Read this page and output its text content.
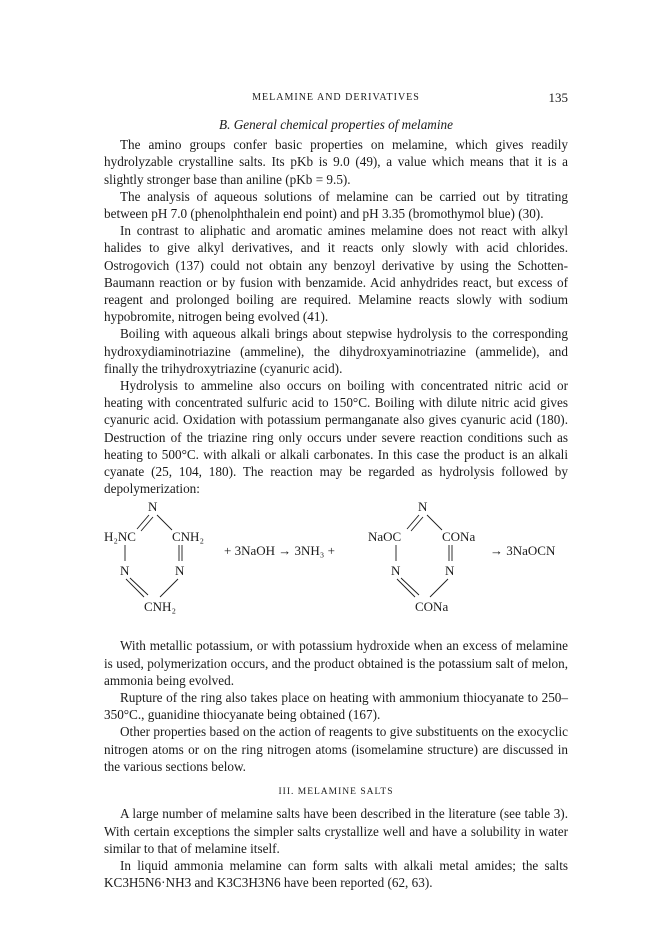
MELAMINE AND DERIVATIVES	135
B. General chemical properties of melamine

The amino groups confer basic properties on melamine, which gives readily hydrolyzable crystalline salts. Its pKb is 9.0 (49), a value which means that it is a slightly stronger base than aniline (pKb = 9.5).

The analysis of aqueous solutions of melamine can be carried out by titrating between pH 7.0 (phenolphthalein end point) and pH 3.35 (bromothymol blue) (30).

In contrast to aliphatic and aromatic amines melamine does not react with alkyl halides to give alkyl derivatives, and it reacts only slowly with acid chlorides. Ostrogovich (137) could not obtain any benzoyl derivative by using the Schotten-Baumann reaction or by fusion with benzamide. Acid anhydrides react, but excess of reagent and prolonged boiling are required. Melamine reacts slowly with sodium hypobromite, nitrogen being evolved (41).

Boiling with aqueous alkali brings about stepwise hydrolysis to the corresponding hydroxydiaminotriazine (ammeline), the dihydroxyaminotriazine (ammelide), and finally the trihydroxytriazine (cyanuric acid).

Hydrolysis to ammeline also occurs on boiling with concentrated nitric acid or heating with concentrated sulfuric acid to 150°C. Boiling with dilute nitric acid gives cyanuric acid. Oxidation with potassium permanganate also gives cyanuric acid (180). Destruction of the triazine ring only occurs under severe reaction conditions such as heating to 500°C. with alkali or alkali carbonates. In this case the product is an alkali cyanate (25, 104, 180). The reaction may be regarded as hydrolysis followed by depolymerization:

N
H₂NC	CNH₂
N	N
CNH₂
+ 3NaOH → 3NH₃ +
N
NaOC	CONa
N	N
CONa
→ 3NaOCN

With metallic potassium, or with potassium hydroxide when an excess of melamine is used, polymerization occurs, and the product obtained is the potassium salt of melon, ammonia being evolved.

Rupture of the ring also takes place on heating with ammonium thiocyanate to 250–350°C., guanidine thiocyanate being obtained (167).

Other properties based on the action of reagents to give substituents on the exocyclic nitrogen atoms or on the ring nitrogen atoms (isomelamine structure) are discussed in the various sections below.

III. MELAMINE SALTS

A large number of melamine salts have been described in the literature (see table 3). With certain exceptions the simpler salts crystallize well and have a solubility in water similar to that of melamine itself.

In liquid ammonia melamine can form salts with alkali metal amides; the salts KC3H5N6·NH3 and K3C3H3N6 have been reported (62, 63).
